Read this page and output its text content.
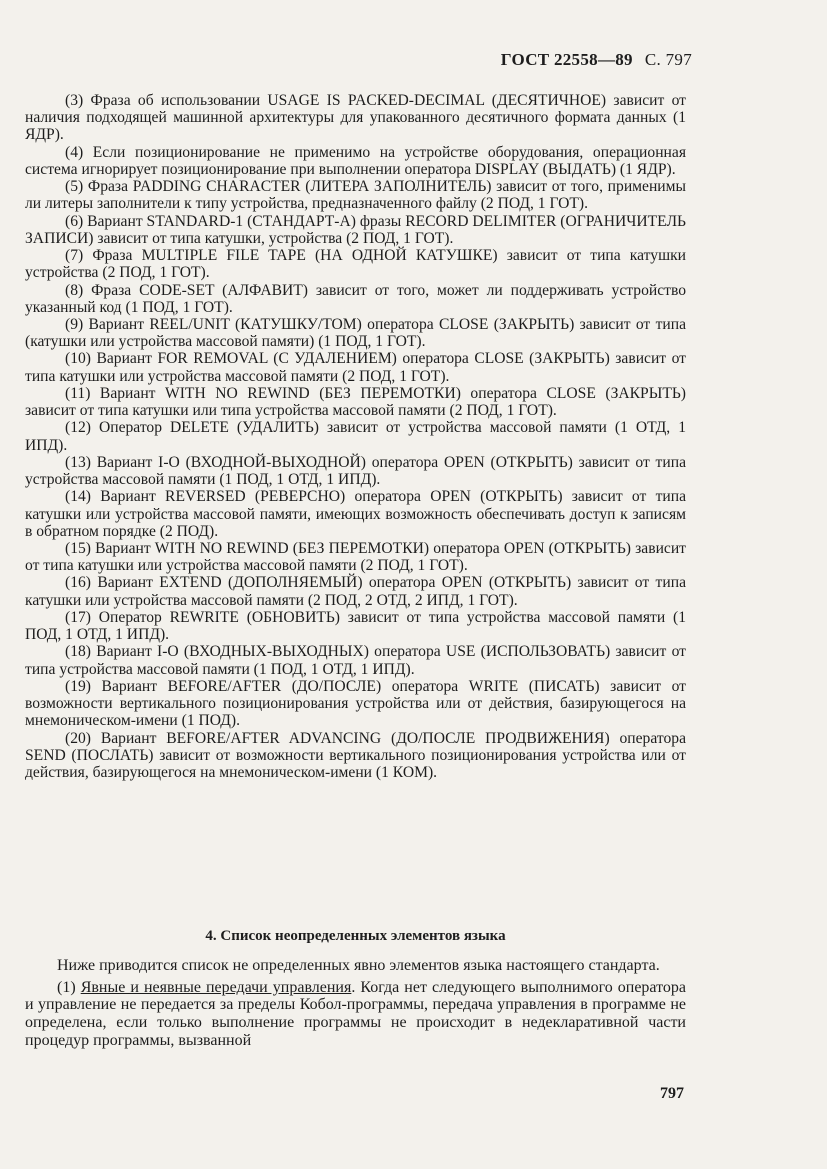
ГОСТ 22558—89 С. 797

(3) Фраза об использовании USAGE IS PACKED-DECIMAL (ДЕСЯТИЧНОЕ) зависит от наличия подходящей машинной архитектуры для упакованного десятичного формата данных (1 ЯДР).

(4) Если позиционирование не применимо на устройстве оборудования, операционная система игнорирует позиционирование при выполнении оператора DISPLAY (ВЫДАТЬ) (1 ЯДР).

(5) Фраза PADDING CHARACTER (ЛИТЕРА ЗАПОЛНИТЕЛЬ) зависит от того, применимы ли литеры заполнители к типу устройства, предназначенного файлу (2 ПОД, 1 ГОТ).

(6) Вариант STANDARD-1 (СТАНДАРТ-А) фразы RECORD DELIMITER (ОГРАНИЧИТЕЛЬ ЗАПИСИ) зависит от типа катушки, устройства (2 ПОД, 1 ГОТ).

(7) Фраза MULTIPLE FILE TAPE (НА ОДНОЙ КАТУШКЕ) зависит от типа катушки устройства (2 ПОД, 1 ГОТ).

(8) Фраза CODE-SET (АЛФАВИТ) зависит от того, может ли поддерживать устройство указанный код (1 ПОД, 1 ГОТ).

(9) Вариант REEL/UNIT (КАТУШКУ/ТОМ) оператора CLOSE (ЗАКРЫТЬ) зависит от типа (катушки или устройства массовой памяти) (1 ПОД, 1 ГОТ).

(10) Вариант FOR REMOVAL (С УДАЛЕНИЕМ) оператора CLOSE (ЗАКРЫТЬ) зависит от типа катушки или устройства массовой памяти (2 ПОД, 1 ГОТ).

(11) Вариант WITH NO REWIND (БЕЗ ПЕРЕМОТКИ) оператора CLOSE (ЗАКРЫТЬ) зависит от типа катушки или типа устройства массовой памяти (2 ПОД, 1 ГОТ).

(12) Оператор DELETE (УДАЛИТЬ) зависит от устройства массовой памяти (1 ОТД, 1 ИПД).

(13) Вариант I-O (ВХОДНОЙ-ВЫХОДНОЙ) оператора OPEN (ОТКРЫТЬ) зависит от типа устройства массовой памяти (1 ПОД, 1 ОТД, 1 ИПД).

(14) Вариант REVERSED (РЕВЕРСНО) оператора OPEN (ОТКРЫТЬ) зависит от типа катушки или устройства массовой памяти, имеющих возможность обеспечивать доступ к записям в обратном порядке (2 ПОД).

(15) Вариант WITH NO REWIND (БЕЗ ПЕРЕМОТКИ) оператора OPEN (ОТКРЫТЬ) зависит от типа катушки или устройства массовой памяти (2 ПОД, 1 ГОТ).

(16) Вариант EXTEND (ДОПОЛНЯЕМЫЙ) оператора OPEN (ОТКРЫТЬ) зависит от типа катушки или устройства массовой памяти (2 ПОД, 2 ОТД, 2 ИПД, 1 ГОТ).

(17) Оператор REWRITE (ОБНОВИТЬ) зависит от типа устройства массовой памяти (1 ПОД, 1 ОТД, 1 ИПД).

(18) Вариант I-O (ВХОДНЫХ-ВЫХОДНЫХ) оператора USE (ИСПОЛЬЗОВАТЬ) зависит от типа устройства массовой памяти (1 ПОД, 1 ОТД, 1 ИПД).

(19) Вариант BEFORE/AFTER (ДО/ПОСЛЕ) оператора WRITE (ПИСАТЬ) зависит от возможности вертикального позиционирования устройства или от действия, базирующегося на мнемоническом-имени (1 ПОД).

(20) Вариант BEFORE/AFTER ADVANCING (ДО/ПОСЛЕ ПРОДВИЖЕНИЯ) оператора SEND (ПОСЛАТЬ) зависит от возможности вертикального позиционирования устройства или от действия, базирующегося на мнемоническом-имени (1 КОМ).

4. Список неопределенных элементов языка

Ниже приводится список не определенных явно элементов языка настоящего стандарта.

(1) Явные и неявные передачи управления. Когда нет следующего выполнимого оператора и управление не передается за пределы Кобол-программы, передача управления в программе не определена, если только выполнение программы не происходит в недекларативной части процедур программы, вызванной

797
